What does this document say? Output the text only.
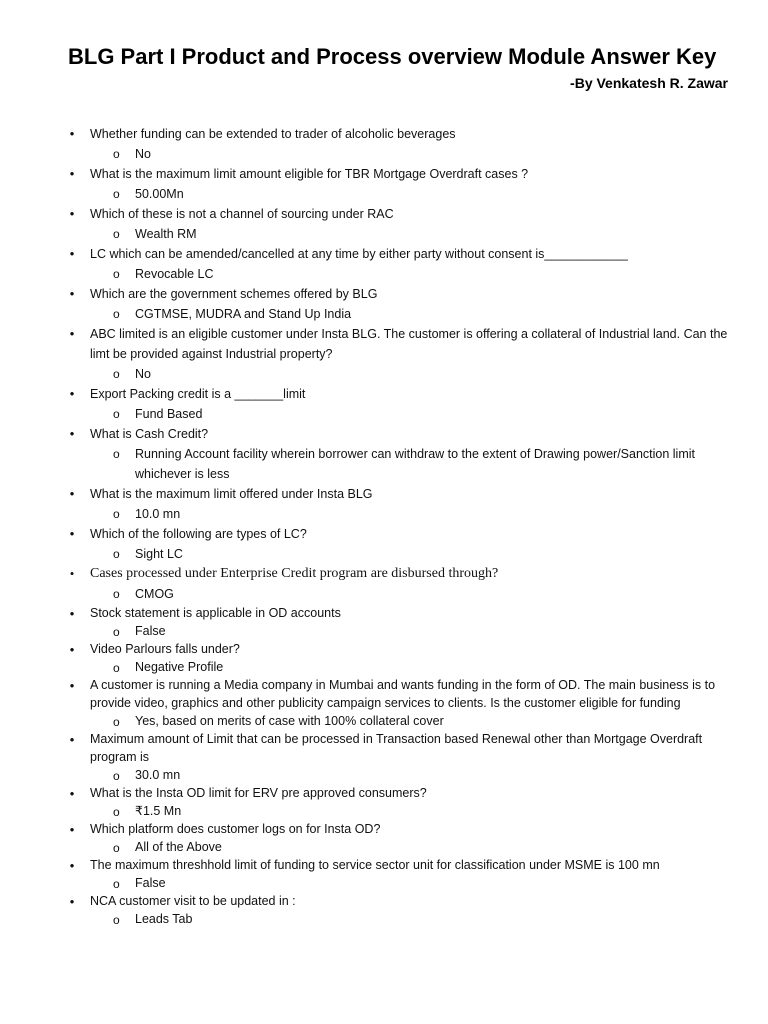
BLG Part I Product and Process overview Module Answer Key
-By Venkatesh R. Zawar
• Whether funding can be extended to trader of alcoholic beverages
o No
• What is the maximum limit amount eligible for TBR Mortgage Overdraft cases ?
o 50.00Mn
• Which of these is not a channel of sourcing under RAC
o Wealth RM
• LC which can be amended/cancelled at any time by either party without consent is____________
o Revocable LC
• Which are the government schemes offered by BLG
o CGTMSE, MUDRA and Stand Up India
• ABC limited is an eligible customer under Insta BLG. The customer is offering a collateral of Industrial land. Can the limt be provided against Industrial property?
o No
• Export Packing credit is a _______limit
o Fund Based
• What is Cash Credit?
o Running Account facility wherein borrower can withdraw to the extent of Drawing power/Sanction limit whichever is less
• What is the maximum limit offered under Insta BLG
o 10.0 mn
• Which of the following are types of LC?
o Sight LC
• Cases processed under Enterprise Credit program are disbursed through?
o CMOG
• Stock statement is applicable in OD accounts
o False
• Video Parlours falls under?
o Negative Profile
• A customer is running a Media company in Mumbai and wants funding in the form of OD. The main business is to provide video, graphics and other publicity campaign services to clients. Is the customer eligible for funding
o Yes, based on merits of case with 100% collateral cover
• Maximum amount of Limit that can be processed in Transaction based Renewal other than Mortgage Overdraft program is
o 30.0 mn
• What is the Insta OD limit for ERV pre approved consumers?
o ₹1.5 Mn
• Which platform does customer logs on for Insta OD?
o All of the Above
• The maximum threshhold limit of funding to service sector unit for classification under MSME is 100 mn
o False
• NCA customer visit to be updated in :
o Leads Tab
